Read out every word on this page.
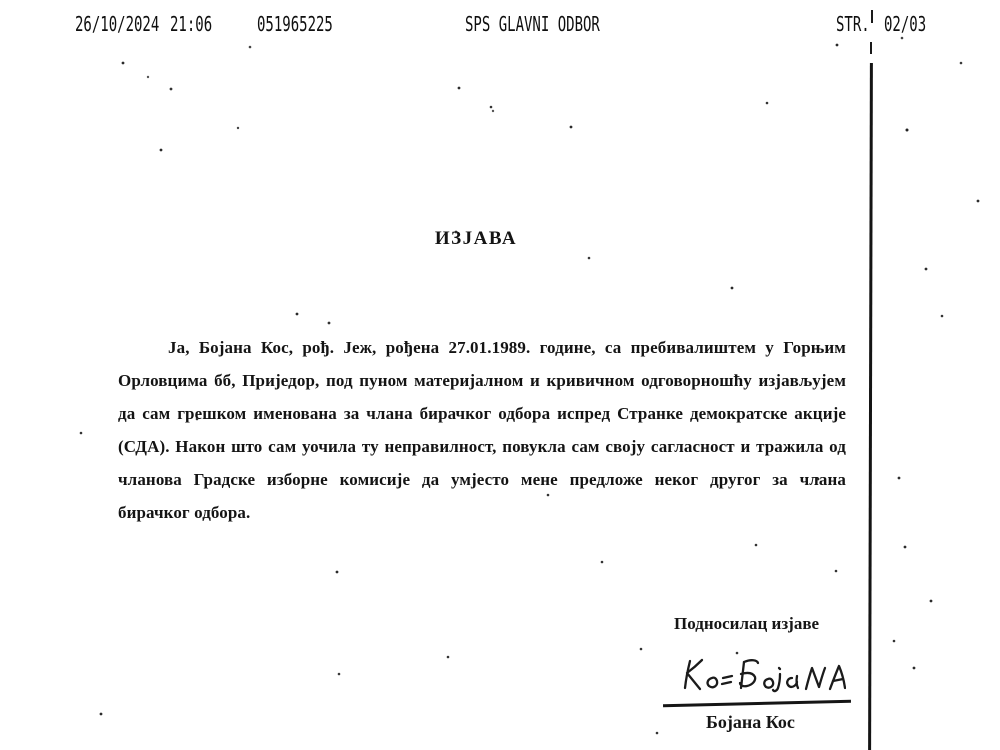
26/10/2024 21:06 051965225	SPS GLAVNI ODBOR	STR. 02/03
ИЗЈАВА
Ја, Бојана Кос, рођ. Јеж, рођена 27.01.1989. године, са пребивалиштем у Горњим
Орловцима бб, Приједор, под пуном материјалном и кривичном одговорношћу изјављујем
да сам грешком именована за члана бирачког одбора испред Странке демократске акције
(СДА). Након што сам уочила ту неправилност, повукла сам своју сагласност и тражила од
чланова Градске изборне комисије да умјесто мене предложе неког другог за члана
бирачког одбора.
Подносилац изјаве
Бојана Кос
